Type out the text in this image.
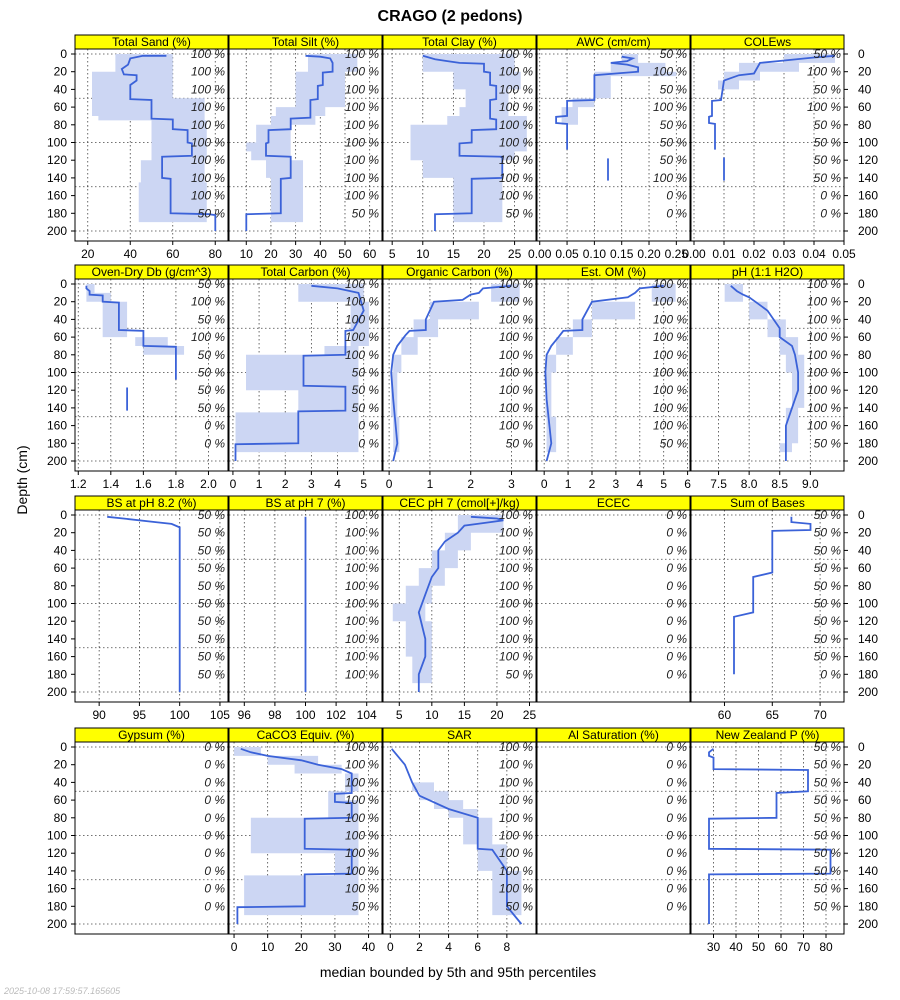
CRAGO (2 pedons)
Depth (cm)
median bounded by 5th and 95th percentiles
2025-10-08 17:59:57.165605
Total Sand (%)
100 %
100 %
100 %
100 %
100 %
100 %
100 %
100 %
100 %
50 %
20 40 60 80
0
20
40
60
80
100
120
140
160
180
200
Total Silt (%)
100 %
100 %
100 %
100 %
100 %
100 %
100 %
100 %
100 %
50 %
10 20 30 40 50 60
Total Clay (%)
100 %
100 %
100 %
100 %
100 %
100 %
100 %
100 %
100 %
50 %
5 10 15 20 25
AWC (cm/cm)
50 %
100 %
50 %
100 %
50 %
50 %
50 %
100 %
0 %
0 %
0.00 0.05 0.10 0.15 0.20 0.25
COLEws
50 %
100 %
50 %
100 %
50 %
50 %
50 %
50 %
0 %
0 %
0.00 0.01 0.02 0.03 0.04 0.05
0
20
40
60
80
100
120
140
160
180
200
Oven-Dry Db (g/cm^3)
50 %
100 %
50 %
100 %
50 %
50 %
50 %
50 %
0 %
0 %
1.2 1.4 1.6 1.8 2.0
0
20
40
60
80
100
120
140
160
180
200
Total Carbon (%)
100 %
100 %
100 %
100 %
100 %
50 %
50 %
50 %
0 %
0 %
0 1 2 3 4 5
Organic Carbon (%)
100 %
100 %
100 %
100 %
100 %
100 %
100 %
100 %
100 %
50 %
0	1	2	3
Est. OM (%)
100 %
100 %
100 %
100 %
100 %
100 %
100 %
100 %
100 %
50 %
0 1 2 3 4 5 6
pH (1:1 H2O)
100 %
100 %
100 %
100 %
100 %
100 %
100 %
100 %
100 %
50 %
7.5 8.0 8.5 9.0
0
20
40
60
80
100
120
140
160
180
200
BS at pH 8.2 (%)
50 %
50 %
50 %
50 %
50 %
50 %
50 %
50 %
50 %
50 %
90 95 100 105
0
20
40
60
80
100
120
140
160
180
200
BS at pH 7 (%)
100 %
100 %
100 %
100 %
100 %
100 %
100 %
100 %
100 %
100 %
96 98 100 102 104
CEC pH 7 (cmol[+]/kg)
100 %
100 %
100 %
100 %
100 %
100 %
100 %
100 %
100 %
50 %
5 10 15 20 25
ECEC
0 %
0 %
0 %
0 %
0 %
0 %
0 %
0 %
0 %
0 %
Sum of Bases
50 %
50 %
50 %
50 %
50 %
50 %
50 %
50 %
50 %
0 %
60	65	70
0
20
40
60
80
100
120
140
160
180
200
Gypsum (%)
0 %
0 %
0 %
0 %
0 %
0 %
0 %
0 %
0 %
0 %
0
20
40
60
80
100
120
140
160
180
200
CaCO3 Equiv. (%)
100 %
100 %
100 %
100 %
100 %
100 %
100 %
100 %
100 %
50 %
0 10 20 30 40
SAR
100 %
100 %
100 %
100 %
100 %
100 %
100 %
100 %
100 %
50 %
0 2 4 6 8
Al Saturation (%)
0 %
0 %
0 %
0 %
0 %
0 %
0 %
0 %
0 %
0 %
New Zealand P (%)
50 %
50 %
50 %
50 %
50 %
50 %
50 %
50 %
50 %
50 %
30 40 50 60 70 80
0
20
40
60
80
100
120
140
160
180
200
